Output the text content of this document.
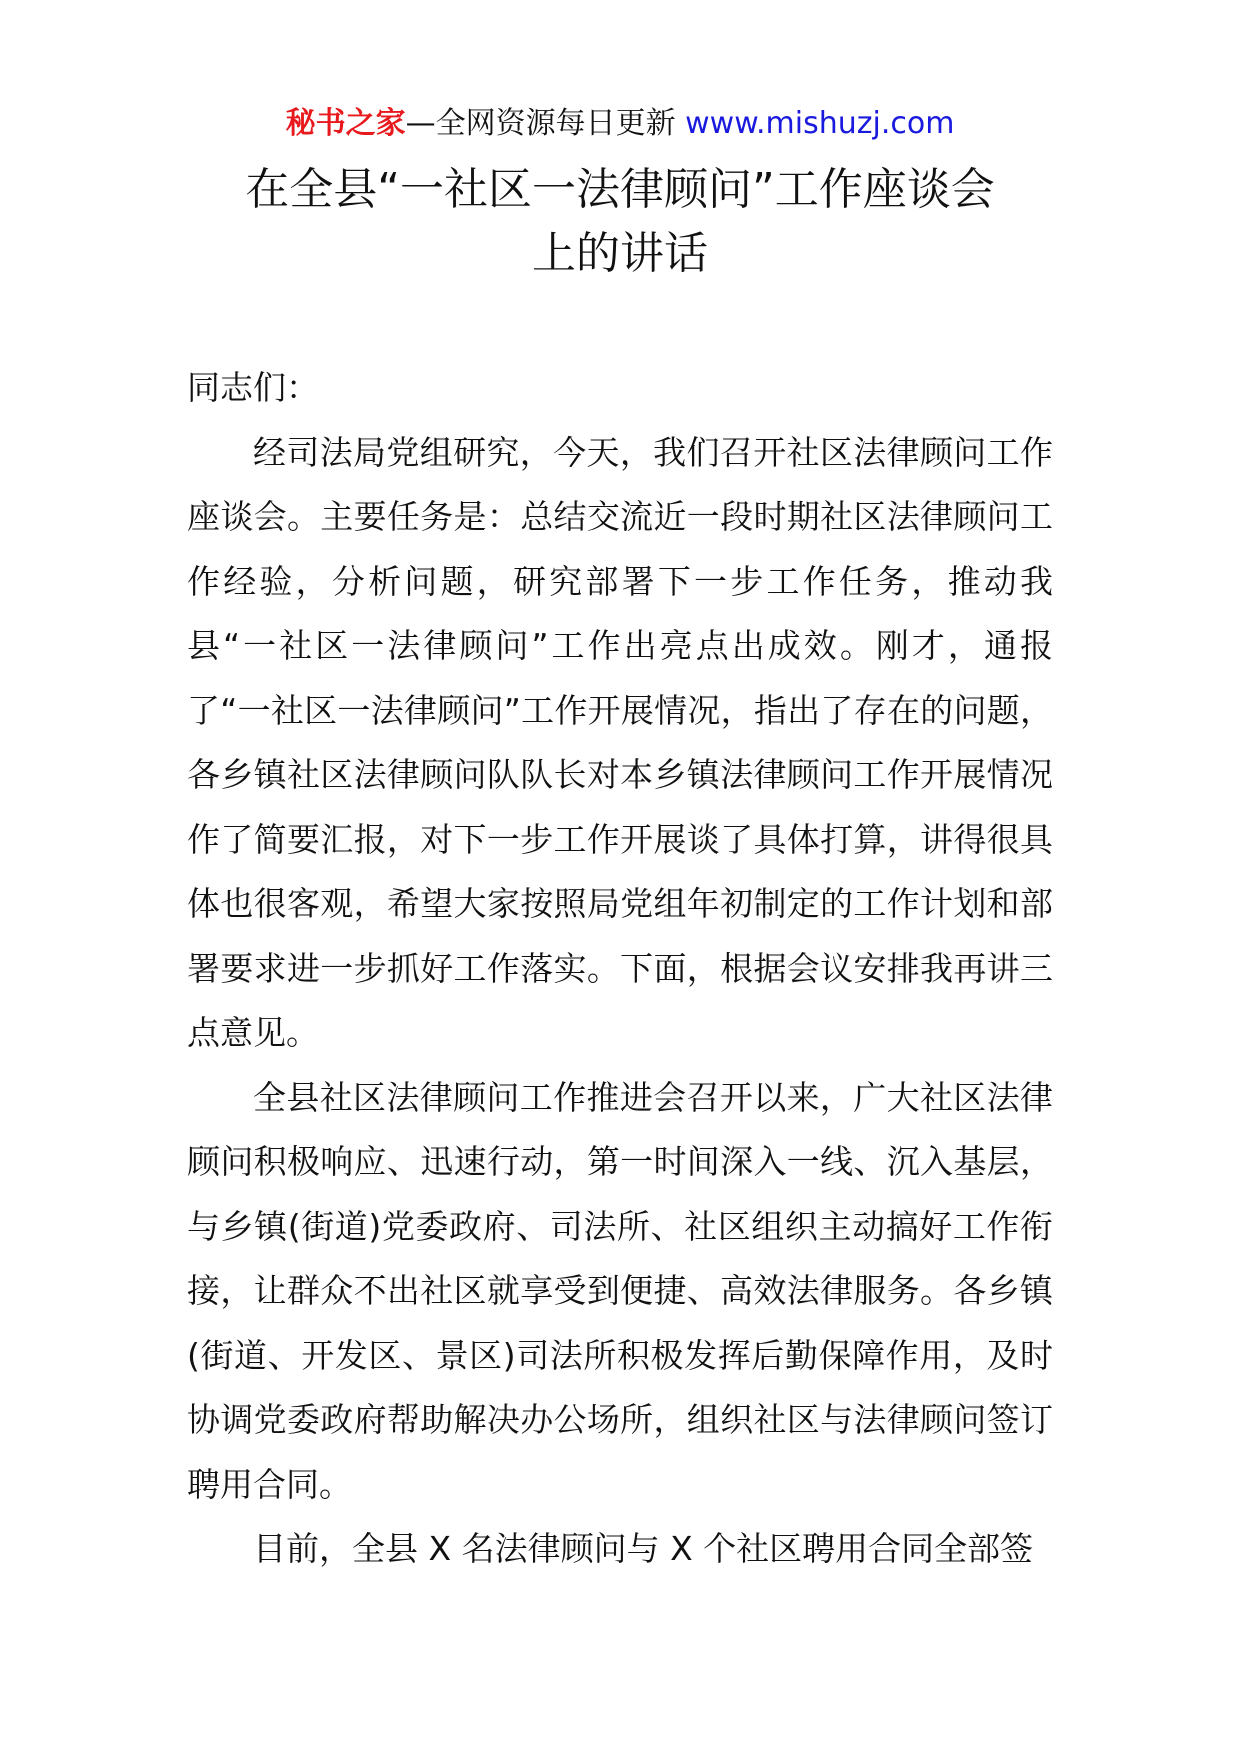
秘书之家—全网资源每日更新 www.mishuzj.com
在全县“一社区一法律顾问”工作座谈会
上的讲话

同志们：

经司法局党组研究，今天，我们召开社区法律顾问工作座谈会。主要任务是：总结交流近一段时期社区法律顾问工作经验，分析问题，研究部署下一步工作任务，推动我县“一社区一法律顾问”工作出亮点出成效。刚才，通报了“一社区一法律顾问”工作开展情况，指出了存在的问题，各乡镇社区法律顾问队队长对本乡镇法律顾问工作开展情况作了简要汇报，对下一步工作开展谈了具体打算，讲得很具体也很客观，希望大家按照局党组年初制定的工作计划和部署要求进一步抓好工作落实。下面，根据会议安排我再讲三点意见。

全县社区法律顾问工作推进会召开以来，广大社区法律顾问积极响应、迅速行动，第一时间深入一线、沉入基层，与乡镇(街道)党委政府、司法所、社区组织主动搞好工作衔接，让群众不出社区就享受到便捷、高效法律服务。各乡镇(街道、开发区、景区)司法所积极发挥后勤保障作用，及时协调党委政府帮助解决办公场所，组织社区与法律顾问签订聘用合同。

目前，全县 X 名法律顾问与 X 个社区聘用合同全部签
